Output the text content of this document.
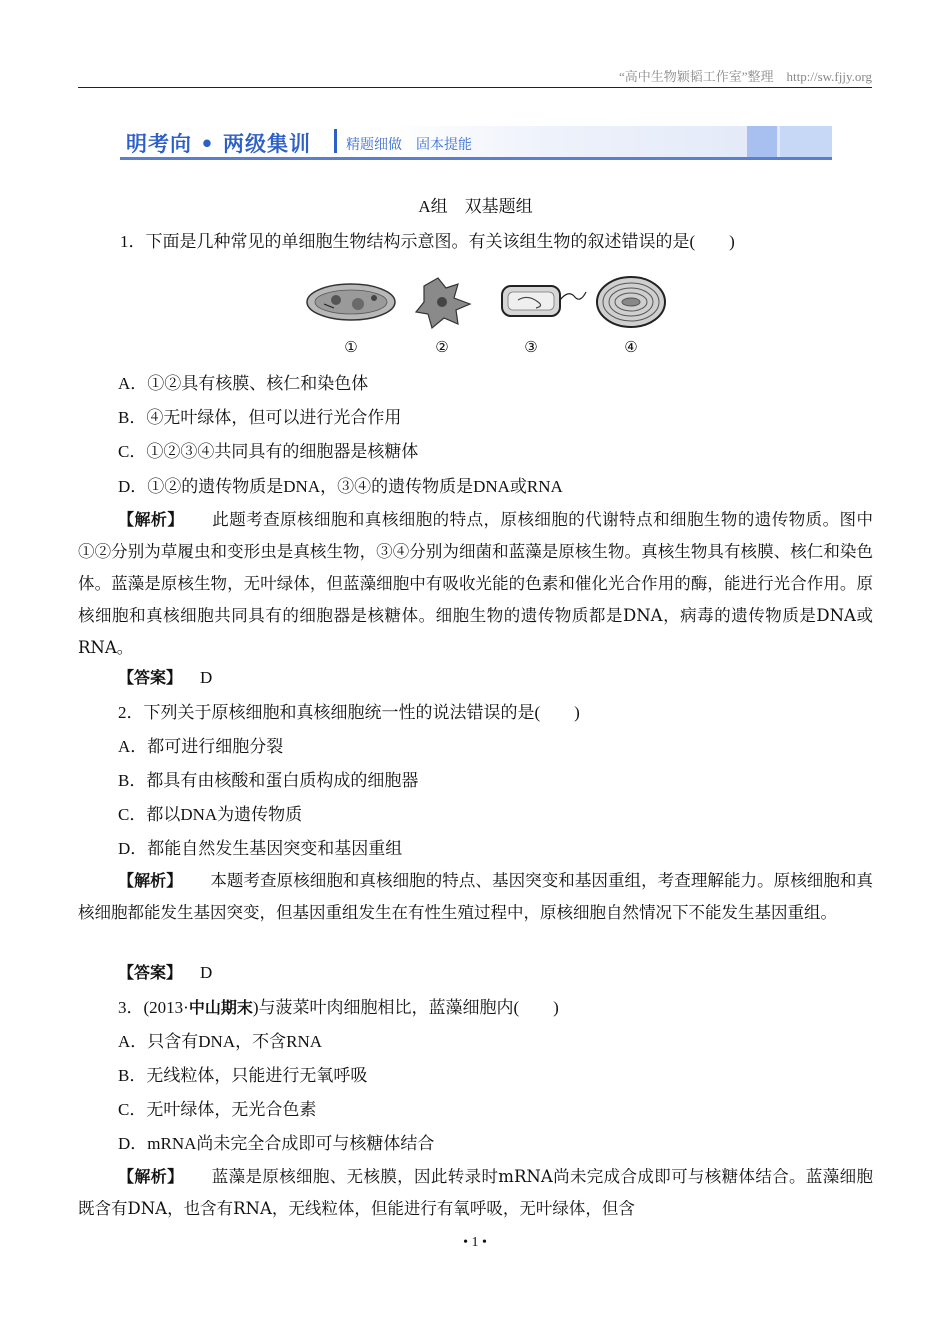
“高中生物颖韬工作室”整理　http://sw.fjjy.org
明考向 • 两级集训 精题细做　固本提能
A组　双基题组
1．下面是几种常见的单细胞生物结构示意图。有关该组生物的叙述错误的是(　　)
①	②	③	④
A．①②具有核膜、核仁和染色体
B．④无叶绿体，但可以进行光合作用
C．①②③④共同具有的细胞器是核糖体
D．①②的遗传物质是DNA，③④的遗传物质是DNA或RNA
【解析】 此题考查原核细胞和真核细胞的特点，原核细胞的代谢特点和细胞生物的遗传物质。图中①②分别为草履虫和变形虫是真核生物，③④分别为细菌和蓝藻是原核生物。真核生物具有核膜、核仁和染色体。蓝藻是原核生物，无叶绿体，但蓝藻细胞中有吸收光能的色素和催化光合作用的酶，能进行光合作用。原核细胞和真核细胞共同具有的细胞器是核糖体。细胞生物的遗传物质都是DNA，病毒的遗传物质是DNA或RNA。
【答案】 D
2．下列关于原核细胞和真核细胞统一性的说法错误的是(　　)
A．都可进行细胞分裂
B．都具有由核酸和蛋白质构成的细胞器
C．都以DNA为遗传物质
D．都能自然发生基因突变和基因重组
【解析】 本题考查原核细胞和真核细胞的特点、基因突变和基因重组，考查理解能力。原核细胞和真核细胞都能发生基因突变，但基因重组发生在有性生殖过程中，原核细胞自然情况下不能发生基因重组。
【答案】 D
3．(2013·中山期末)与菠菜叶肉细胞相比，蓝藻细胞内(　　)
A．只含有DNA，不含RNA
B．无线粒体，只能进行无氧呼吸
C．无叶绿体，无光合色素
D．mRNA尚未完全合成即可与核糖体结合
【解析】 蓝藻是原核细胞、无核膜，因此转录时mRNA尚未完成合成即可与核糖体结合。蓝藻细胞既含有DNA，也含有RNA，无线粒体，但能进行有氧呼吸，无叶绿体，但含
• 1 •
